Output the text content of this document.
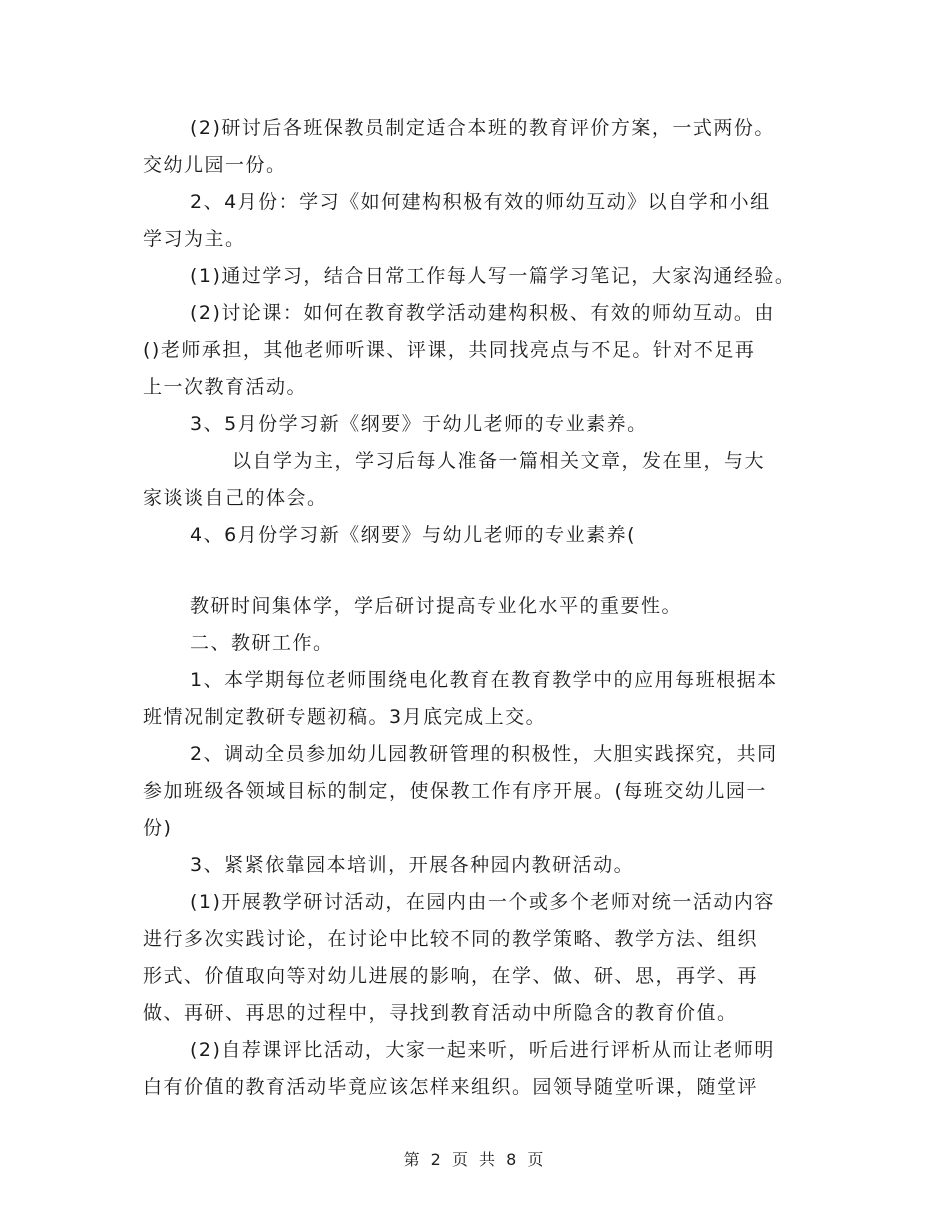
(2)研讨后各班保教员制定适合本班的教育评价方案，一式两份。
交幼儿园一份。
2、4月份：学习《如何建构积极有效的师幼互动》以自学和小组
学习为主。
(1)通过学习，结合日常工作每人写一篇学习笔记，大家沟通经验。
(2)讨论课：如何在教育教学活动建构积极、有效的师幼互动。由
()老师承担，其他老师听课、评课，共同找亮点与不足。针对不足再
上一次教育活动。
3、5月份学习新《纲要》于幼儿老师的专业素养。
以自学为主，学习后每人准备一篇相关文章，发在里，与大
家谈谈自己的体会。
4、6月份学习新《纲要》与幼儿老师的专业素养(
教研时间集体学，学后研讨提高专业化水平的重要性。
二、教研工作。
1、本学期每位老师围绕电化教育在教育教学中的应用每班根据本
班情况制定教研专题初稿。3月底完成上交。
2、调动全员参加幼儿园教研管理的积极性，大胆实践探究，共同
参加班级各领域目标的制定，使保教工作有序开展。(每班交幼儿园一
份)
3、紧紧依靠园本培训，开展各种园内教研活动。
(1)开展教学研讨活动，在园内由一个或多个老师对统一活动内容
进行多次实践讨论，在讨论中比较不同的教学策略、教学方法、组织
形式、价值取向等对幼儿进展的影响，在学、做、研、思，再学、再
做、再研、再思的过程中，寻找到教育活动中所隐含的教育价值。
(2)自荐课评比活动，大家一起来听，听后进行评析从而让老师明
白有价值的教育活动毕竟应该怎样来组织。园领导随堂听课，随堂评
第 2 页 共 8 页
